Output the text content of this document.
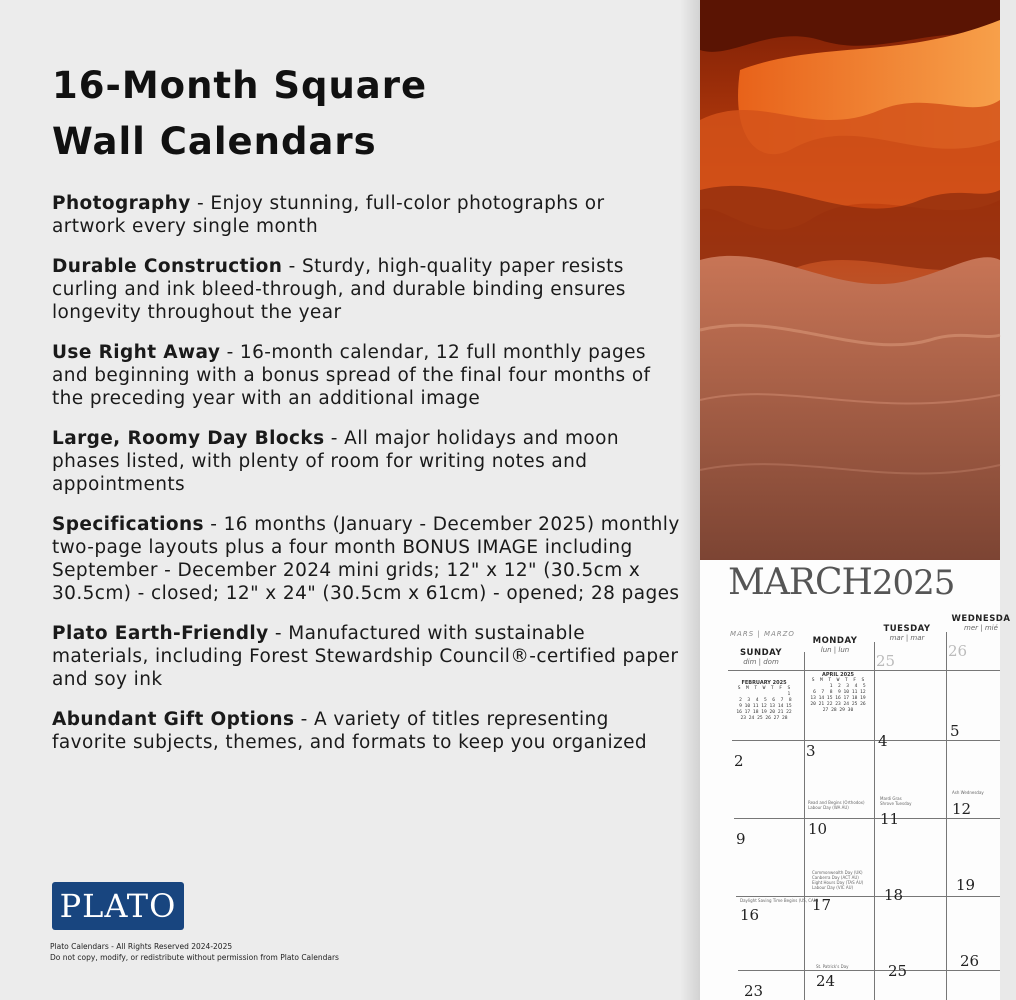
16-Month Square
Wall Calendars
Photography - Enjoy stunning, full-color photographs or artwork every single month
Durable Construction - Sturdy, high-quality paper resists curling and ink bleed-through, and durable binding ensures longevity throughout the year
Use Right Away - 16-month calendar, 12 full monthly pages and beginning with a bonus spread of the final four months of the preceding year with an additional image
Large, Roomy Day Blocks - All major holidays and moon phases listed, with plenty of room for writing notes and appointments
Specifications - 16 months (January - December 2025) monthly two-page layouts plus a four month BONUS IMAGE including September - December 2024 mini grids; 12" x 12" (30.5cm x 30.5cm) - closed; 12" x 24" (30.5cm x 61cm) - opened; 28 pages
Plato Earth-Friendly - Manufactured with sustainable materials, including Forest Stewardship Council®-certified paper and soy ink
Abundant Gift Options - A variety of titles representing favorite subjects, themes, and formats to keep you organized
PLATO
Plato Calendars - All Rights Reserved 2024-2025
Do not copy, modify, or redistribute without permission from Plato Calendars
MARCH2025
MARS | MARZO
SUNDAY
dim | dom
MONDAY
lun | lun
TUESDAY
mar | mar
WEDNESDA
mer | mié
FEBRUARY 2025
S  M  T  W  T  F  S
1
2  3  4  5  6  7  8
9 10 11 12 13 14 15
16 17 18 19 20 21 22
23 24 25 26 27 28
APRIL 2025
S  M  T  W  T  F  S
1  2  3  4  5
6  7  8  9 10 11 12
13 14 15 16 17 18 19
20 21 22 23 24 25 26
27 28 29 30
25
26
2
3
4
5
9
10
11
12
16
17
18
19
23
24
25
26
Read and Begins (Orthodox)
Labour Day (WA AU)
Mardi Gras
Shrove Tuesday
Ash Wednesday
Commonwealth Day (UK)
Canberra Day (ACT AU)
Eight Hours Day (TAS AU)
Labour Day (VIC AU)
Daylight Saving Time Begins (US, CAN)
St. Patrick's Day
